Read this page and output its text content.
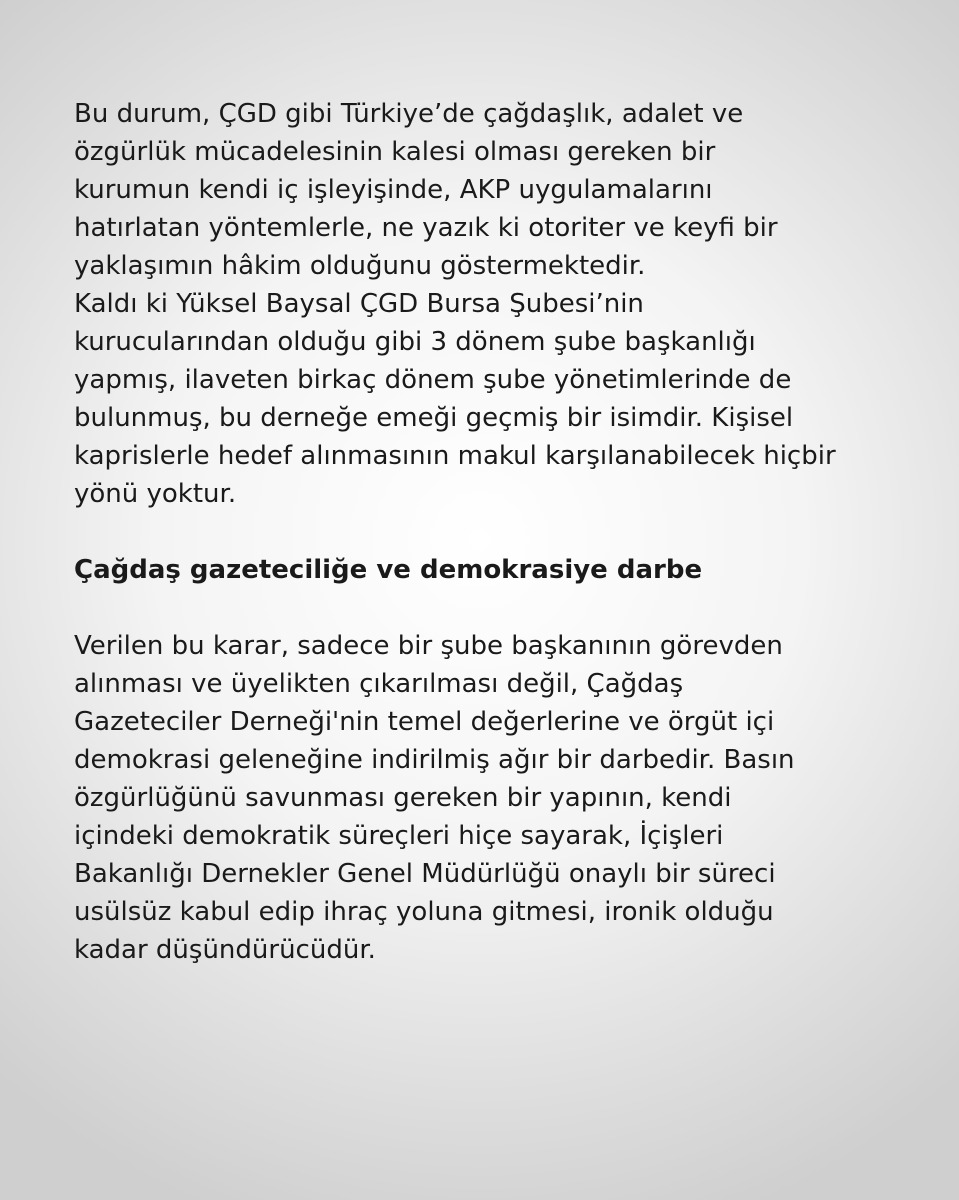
Bu durum, ÇGD gibi Türkiye’de çağdaşlık, adalet ve
özgürlük mücadelesinin kalesi olması gereken bir
kurumun kendi iç işleyişinde, AKP uygulamalarını
hatırlatan yöntemlerle, ne yazık ki otoriter ve keyfi bir
yaklaşımın hâkim olduğunu göstermektedir.
Kaldı ki Yüksel Baysal ÇGD Bursa Şubesi’nin
kurucularından olduğu gibi 3 dönem şube başkanlığı
yapmış, ilaveten birkaç dönem şube yönetimlerinde de
bulunmuş, bu derneğe emeği geçmiş bir isimdir. Kişisel
kaprislerle hedef alınmasının makul karşılanabilecek hiçbir
yönü yoktur.
Çağdaş gazeteciliğe ve demokrasiye darbe
Verilen bu karar, sadece bir şube başkanının görevden
alınması ve üyelikten çıkarılması değil, Çağdaş
Gazeteciler Derneği'nin temel değerlerine ve örgüt içi
demokrasi geleneğine indirilmiş ağır bir darbedir. Basın
özgürlüğünü savunması gereken bir yapının, kendi
içindeki demokratik süreçleri hiçe sayarak, İçişleri
Bakanlığı Dernekler Genel Müdürlüğü onaylı bir süreci
usülsüz kabul edip ihraç yoluna gitmesi, ironik olduğu
kadar düşündürücüdür.
